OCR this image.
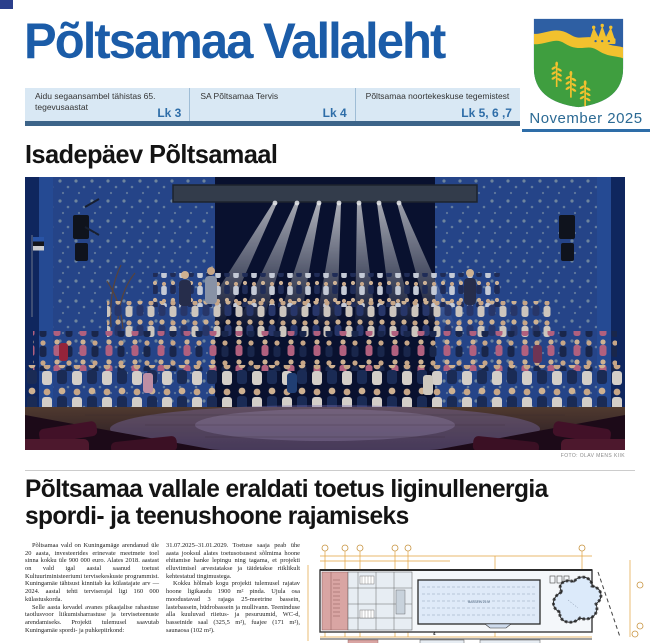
Põltsamaa Vallaleht
November 2025
Aidu segaansambel tähistas 65. tegevusaastat	Lk 3
SA Põltsamaa Tervis
Lk 4
Põltsamaa noortekeskuse tegemistest
Lk 5, 6 ,7
Isadepäev Põltsamaal
FOTO: OLAV MENS KIIK
Põltsamaa vallale eraldati toetus liginullenergia spordi- ja teenushoone rajamiseks

Põltsamaa vald on Kuningamäge arendanud üle 20 aasta, investeerides erinevate meetmete toel sinna kokku üle 900 000 euro. Alates 2018. aastast on vald igal aastal saanud toetust Kultuuriministeeriumi tervisekeskuste programmist. Kuningamäe tähtsust kinnitab ka külastajate arv — 2024. aastal tehti terviserajal ligi 160 000 külastuskorda.

Selle aasta kevadel avanes pikaajalise rahastuse taotlusvoor liikumisharrastuse ja terviseteenuste arendamiseks. Projekti tulemusel saavutab Kuningamäe spordi- ja puhkepiirkond:

31.07.2025–31.01.2029. Toetuse saaja peab ühe aasta jooksul alates toetusotsusest sõlmima hoone ehitamise hanke lepingu ning tagama, et projekti elluviimisel arvestatakse ja täidetakse riiklikult kehtestatud tingimustega.

Kokku hõlmab kogu projekti tulemusel rajatav hoone ligikaudu 1900 m² pinda. Ujula osa moodustavad 3 rajaga 25-meetrine bassein, lastebassein, hüdrobassein ja mullivann. Teeninduse alla kuuluvad riietus- ja pesuruumid, WC-d, basseinide saal (325,5 m²), fuajee (171 m²), saunaosa (102 m²).

BASSEIN 25 M
4
